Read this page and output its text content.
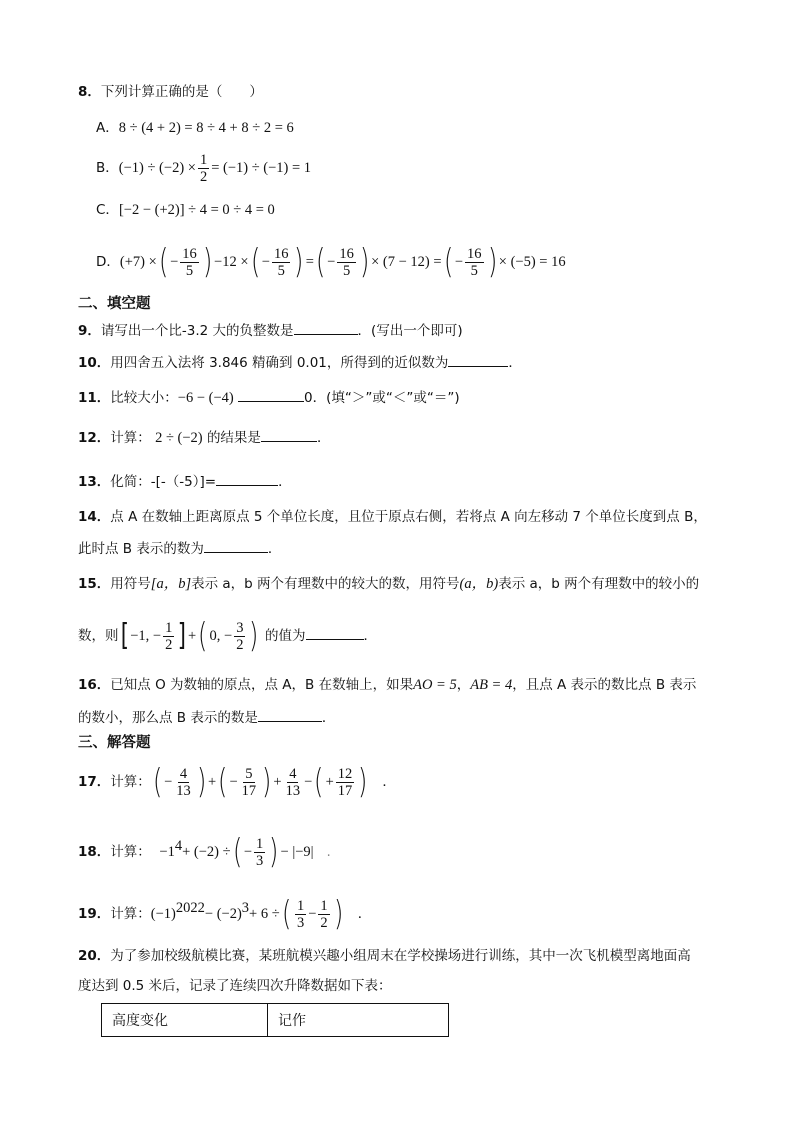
8．下列计算正确的是（　　）
A．8 ÷ (4 + 2) = 8 ÷ 4 + 8 ÷ 2 = 6
B．$(-1) \div (-2) \times \frac{1}{2} = (-1) \div (-1) = 1$
C．[−2 − (+2)] ÷ 4 = 0 ÷ 4 = 0
D．(+7) ×( − $\frac{16}{5}$ ) −12 ×( − $\frac{16}{5}$ ) =( − $\frac{16}{5}$ ) × (7 − 12) =( − $\frac{16}{5}$ ) × (−5) = 16
二、填空题
9．请写出一个比-3.2 大的负整数是	．(写出一个即可)
10．用四舍五入法将 3.846 精确到 0.01，所得到的近似数为	．
11．比较大小：−6 − (−4)	0．(填“＞”或“＜”或“＝”)
12．计算： 2 ÷ (−2) 的结果是	．
13．化简：-[-（-5）]=	．
14．点 A 在数轴上距离原点 5 个单位长度，且位于原点右侧，若将点 A 向左移动 7 个单位长度到点 B，
此时点 B 表示的数为	．
15．用符号[a，b]表示 a，b 两个有理数中的较大的数，用符号(a，b)表示 a，b 两个有理数中的较小的
数，则[ −1, − $\frac{1}{2}$ ] +( 0, − $\frac{3}{2}$ ) 的值为	．
16．已知点 O 为数轴的原点，点 A，B 在数轴上，如果AO = 5，AB = 4，且点 A 表示的数比点 B 表示
的数小，那么点 B 表示的数是	．
三、解答题
17．计算：( − $\frac{4}{13}$ ) +( − $\frac{5}{17}$ ) + $\frac{4}{13}$ −( + $\frac{12}{17}$ ) ．
18．计算： $-1^4+ (-2)$ ÷( − $\frac{1}{3}$ ) − |−9| .
19．计算：$(-1)^{2022}- (-2)^3+ 6$ ÷( $\frac{1}{3} - \frac{1}{2}$ ) ．
20．为了参加校级航模比赛，某班航模兴趣小组周末在学校操场进行训练，其中一次飞机模型离地面高
度达到 0.5 米后，记录了连续四次升降数据如下表：
高度变化	记作
